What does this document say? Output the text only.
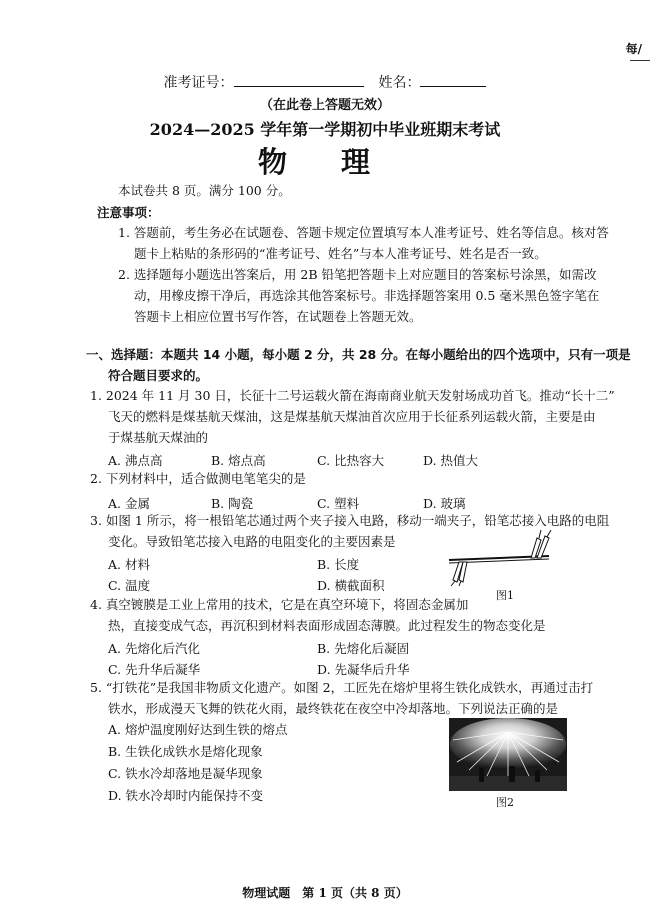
每/
准考证号：	姓名：
（在此卷上答题无效）
2024—2025 学年第一学期初中毕业班期末考试
物 理
本试卷共 8 页。满分 100 分。
注意事项：
1. 答题前，考生务必在试题卷、答题卡规定位置填写本人准考证号、姓名等信息。核对答
题卡上粘贴的条形码的“准考证号、姓名”与本人准考证号、姓名是否一致。
2. 选择题每小题选出答案后，用 2B 铅笔把答题卡上对应题目的答案标号涂黑，如需改
动，用橡皮擦干净后，再选涂其他答案标号。非选择题答案用 0.5 毫米黑色签字笔在
答题卡上相应位置书写作答，在试题卷上答题无效。
一、选择题：本题共 14 小题，每小题 2 分，共 28 分。在每小题给出的四个选项中，只有一项是
符合题目要求的。
1. 2024 年 11 月 30 日，长征十二号运载火箭在海南商业航天发射场成功首飞。推动“长十二”
飞天的燃料是煤基航天煤油，这是煤基航天煤油首次应用于长征系列运载火箭，主要是由
于煤基航天煤油的
A. 沸点高	B. 熔点高	C. 比热容大	D. 热值大
2. 下列材料中，适合做测电笔笔尖的是
A. 金属	B. 陶瓷	C. 塑料	D. 玻璃
3. 如图 1 所示，将一根铅笔芯通过两个夹子接入电路，移动一端夹子，铅笔芯接入电路的电阻
变化。导致铅笔芯接入电路的电阻变化的主要因素是
A. 材料	B. 长度
C. 温度	D. 横截面积
图1
4. 真空镀膜是工业上常用的技术，它是在真空环境下，将固态金属加
热，直接变成气态，再沉积到材料表面形成固态薄膜。此过程发生的物态变化是
A. 先熔化后汽化	B. 先熔化后凝固
C. 先升华后凝华	D. 先凝华后升华
5. “打铁花”是我国非物质文化遗产。如图 2，工匠先在熔炉里将生铁化成铁水，再通过击打
铁水，形成漫天飞舞的铁花火雨，最终铁花在夜空中冷却落地。下列说法正确的是
A. 熔炉温度刚好达到生铁的熔点
B. 生铁化成铁水是熔化现象
C. 铁水冷却落地是凝华现象
D. 铁水冷却时内能保持不变	图2
物理试题　第 1 页（共 8 页）
